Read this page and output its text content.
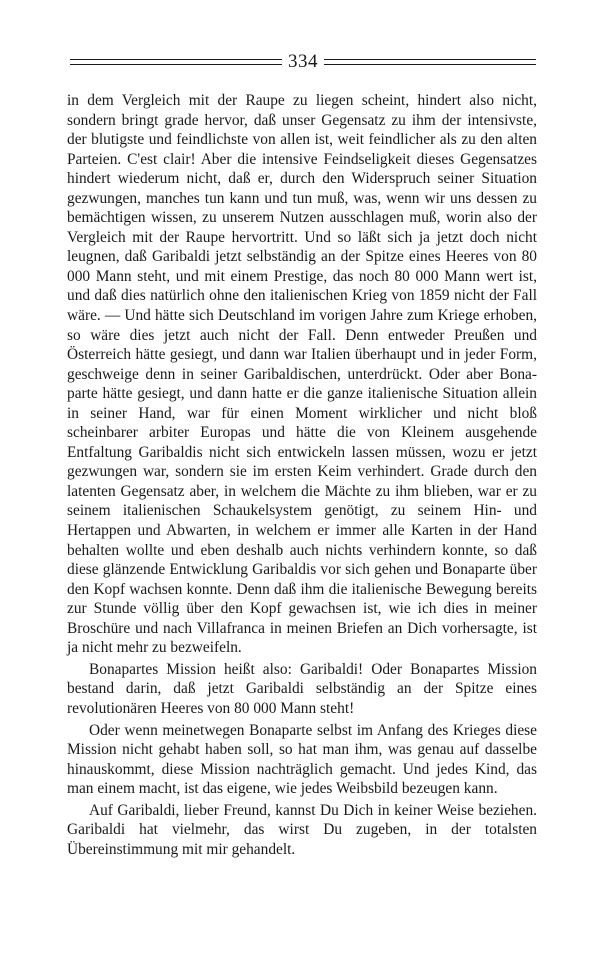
334

in dem Vergleich mit der Raupe zu liegen scheint, hindert also nicht, sondern bringt grade hervor, daß unser Gegensatz zu ihm der intensivste, der blutigste und feindlichste von allen ist, weit feindlicher als zu den alten Parteien. C'est clair! Aber die intensive Feindseligkeit dieses Gegensatzes hindert wiederum nicht, daß er, durch den Widerspruch seiner Situation gezwungen, manches tun kann und tun muß, was, wenn wir uns dessen zu bemächtigen wissen, zu unserem Nutzen ausschlagen muß, worin also der Vergleich mit der Raupe hervortritt. Und so läßt sich ja jetzt doch nicht leugnen, daß Garibaldi jetzt selbständig an der Spitze eines Heeres von 80 000 Mann steht, und mit einem Prestige, das noch 80 000 Mann wert ist, und daß dies natürlich ohne den italienischen Krieg von 1859 nicht der Fall wäre. — Und hätte sich Deutschland im vorigen Jahre zum Kriege erhoben, so wäre dies jetzt auch nicht der Fall. Denn entweder Preußen und Österreich hätte gesiegt, und dann war Italien überhaupt und in jeder Form, geschweige denn in seiner Garibaldischen, unterdrückt. Oder aber Bonaparte hätte gesiegt, und dann hatte er die ganze italienische Situation allein in seiner Hand, war für einen Moment wirklicher und nicht bloß scheinbarer arbiter Europas und hätte die von Kleinem ausgehende Entfaltung Garibaldis nicht sich entwickeln lassen müssen, wozu er jetzt gezwungen war, sondern sie im ersten Keim verhindert. Grade durch den latenten Gegensatz aber, in welchem die Mächte zu ihm blieben, war er zu seinem italienischen Schaukelsystem genötigt, zu seinem Hin- und Hertappen und Abwarten, in welchem er immer alle Karten in der Hand behalten wollte und eben deshalb auch nichts verhindern konnte, so daß diese glänzende Entwicklung Garibaldis vor sich gehen und Bonaparte über den Kopf wachsen konnte. Denn daß ihm die italienische Bewegung bereits zur Stunde völlig über den Kopf gewachsen ist, wie ich dies in meiner Broschüre und nach Villafranca in meinen Briefen an Dich vorhersagte, ist ja nicht mehr zu bezweifeln.

Bonapartes Mission heißt also: Garibaldi! Oder Bonapartes Mission bestand darin, daß jetzt Garibaldi selbständig an der Spitze eines revolutionären Heeres von 80 000 Mann steht!

Oder wenn meinetwegen Bonaparte selbst im Anfang des Krieges diese Mission nicht gehabt haben soll, so hat man ihm, was genau auf dasselbe hinauskommt, diese Mission nachträglich gemacht. Und jedes Kind, das man einem macht, ist das eigene, wie jedes Weibsbild bezeugen kann.

Auf Garibaldi, lieber Freund, kannst Du Dich in keiner Weise beziehen. Garibaldi hat vielmehr, das wirst Du zugeben, in der totalsten Übereinstimmung mit mir gehandelt.
